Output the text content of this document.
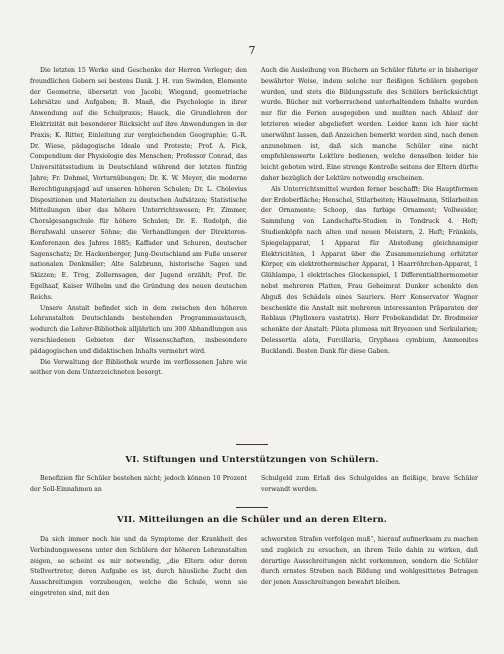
7

Die letzten 15 Werke sind Geschenke der Herren Verleger; den freundlichen Gebern sei bestens Dank. J. H. van Swinden, Elemente der Geometrie, übersetzt von Jacobi; Wiegand, geometrische Lehrsätze und Aufgaben; B. Maaß, die Psychologie in ihrer Anwendung auf die Schulpraxis; Hauck, die Grundlehren der Elektrizität mit besonderer Rücksicht auf ihre Anwendungen in der Praxis; K. Ritter, Einleitung zur vergleichenden Geographie; G.-R. Dr. Wiese, pädagogische Ideale und Proteste; Prof. A. Fick, Compendium der Physiologie des Menschen; Professor Conrad, das Universitätsstudium in Deutschland während der letzten fünfzig Jahre; Fr. Dohmel, Vorturnübungen; Dr. K. W. Meyer, die moderne Berechtigungsjagd auf unseren höheren Schulen; Dr. L. Cholevius Dispositionen und Materialien zu deutschen Aufsätzen; Statistische Mitteilungen über das höhere Unterrichtswesen; Fr. Zimmer, Choralgesangschule für höhere Schulen; Dr. E. Rudolph, die Berufswahl unserer Söhne; die Verhandlungen der Direktoren-Konferenzen des Jahres 1885; Kaffader und Schuren, deutscher Sagenschatz; Dr. Hackenberger, Jung-Deutschland am Fuße unserer nationalen Denkmäler; Alte Salzbrunn, historische Sagen und Skizzen; E. Trog, Zollernsagen, der Jugend erzählt; Prof. Dr. Egelhaaf, Kaiser Wilhelm und die Gründung des neuen deutschen Reichs.

Unsere Anstalt befindet sich in dem zwischen den höheren Lehranstalten Deutschlands bestehenden Programmaustausch, wodurch die Lehrer-Bibliothek alljährlich um 300 Abhandlungen aus verschiedenen Gebieten der Wissenschaften, insbesondere pädagogischen und didaktischen Inhalts vermehrt wird.

Die Verwaltung der Bibliothek wurde im verflossenen Jahre wie seither von dem Unterzeichneten besorgt.

Auch die Ausleihung von Büchern an Schüler führte er in bisheriger bewährter Weise, indem solche nur fleißigen Schülern gegeben wurden, und stets die Bildungsstufe des Schülers berücksichtigt wurde. Bücher mit vorherrschend unterhaltendem Inhalte wurden nur für die Ferien ausgegeben und mußten nach Ablauf der letzteren wieder abgeliefert werden. Leider kann ich hier nicht unerwähnt lassen, daß Anzeichen bemerkt worden sind, nach denen anzunehmen ist, daß sich manche Schüler eine nicht empfehlenswerte Lektüre bedienen, welche denselben leider hie leicht geboten wird. Eine strenge Kontrolle seitens der Eltern dürfte daher bezüglich der Lektüre notwendig erscheinen.

Als Unterrichtsmittel wurden ferner beschafft: Die Hauptformen der Erdoberfläche; Henschel, Stilarbeiten; Häuselmann, Stilarbeiten der Ornamente; Schoop, das farbige Ornament; Vollweider, Sammlung von Landschafts-Studien in Tondruck 4. Heft; Studienköpfe nach alten und neuen Meistern, 2. Heft; Fränkels, Spiegelapparat, 1 Apparat für Abstoßung gleichnamiger Elektricitäten, 1 Apparat über die Zusammenziehung erhitzter Körper, ein elektrothermischer Apparat, 1 Haarröhrchen-Apparat, 1 Glühlampe, 1 elektrisches Glockenspiel, 1 Differentialthermometer nebst mehreren Platten, Frau Geheimrat Dunker schenkte den Abguß des Schädels eines Sauriers. Herr Konservator Wagner beschenkte die Anstalt mit mehreren interessanten Präparaten der Reblaus (Phylloxera vastatrix). Herr Probekandidat Dr. Brodmeier schenkte der Anstalt: Pilota plumosa mit Bryozoen und Serkularien; Delessertia alata, Furcillaria, Gryphaea cymbium, Ammonites Bucklandi. Besten Dank für diese Gaben.

VI. Stiftungen und Unterstützungen von Schülern.

Benefizien für Schüler bestehen nicht; jedoch können 10 Prozent der Soll-Einnahmen an

Schulgeld zum Erlaß des Schulgeldes an fleißige, brave Schüler verwandt werden.

VII. Mitteilungen an die Schüler und an deren Eltern.

Da sich immer noch hie und da Symptome der Krankheit des Verbindungswesens unter den Schülern der höheren Lehranstalten zeigen, so scheint es mir notwendig, „die Eltern oder deren Stellvertreter, deren Aufgabe es ist, durch häusliche Zucht den Ausschreitungen vorzubeugen, welche die Schule, wenn sie eingetreten sind, mit den

schwersten Strafen verfolgen muß“, hierauf aufmerksam zu machen und zugleich zu ersuchen, an ihrem Teile dahin zu wirken, daß derartige Ausschreitungen nicht vorkommen, sondern die Schüler durch ernstes Streben nach Bildung und wohlgesittetes Betragen der jenen Ausschreitungen bewahrt bleiben.
